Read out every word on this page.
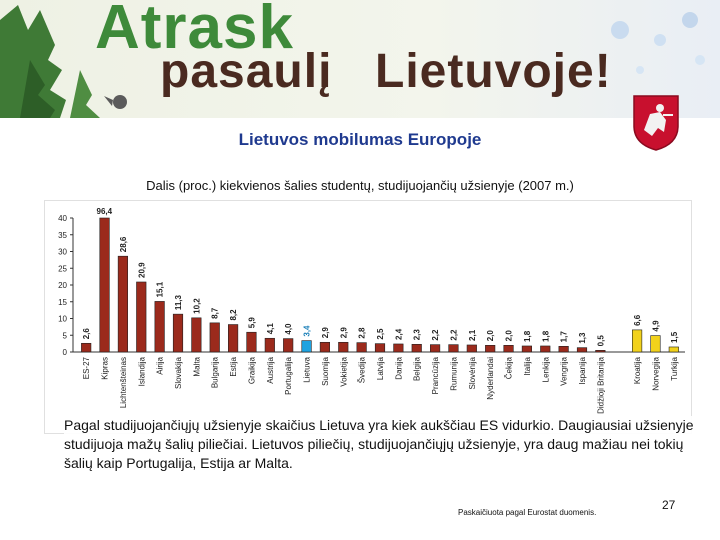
Atrask
pasaulį Lietuvoje!
Lietuvos mobilumas Europoje
Dalis (proc.) kiekvienos šalies studentų, studijuojančių užsienyje (2007 m.)
0
5
10
15
20
25
30
35
40
2,6
ES-27
96,4
Kipras
28,6
Lichtenšteinas
20,9
Islandija
15,1
Airija
11,3
Slovakija
10,2
Malta
8,7
Bulgarija
8,2
Estija
5,9
Graikija
4,1
Austrija
4,0
Portugalija
3,4
Lietuva
2,9
Suomija
2,9
Vokietija
2,8
Švedija
2,5
Latvija
2,4
Danija
2,3
Belgija
2,2
Prancūzija
2,2
Rumunija
2,1
Slovėnija
2,0
Nyderlandai
2,0
Čekija
1,8
Italija
1,8
Lenkija
1,7
Vengrija
1,3
Ispanija
0,5
Didžioji Britanija
6,6
Kroatija
4,9
Norvegija
1,5
Turkija
Pagal studijuojančiųjų užsienyje skaičius Lietuva yra kiek aukščiau ES vidurkio. Daugiausiai užsienyje studijuoja mažų šalių piliečiai. Lietuvos piliečių, studijuojančiųjų užsienyje, yra daug mažiau nei tokių šalių kaip Portugalija, Estija ar Malta.
Paskaičiuota pagal Eurostat duomenis.
27
